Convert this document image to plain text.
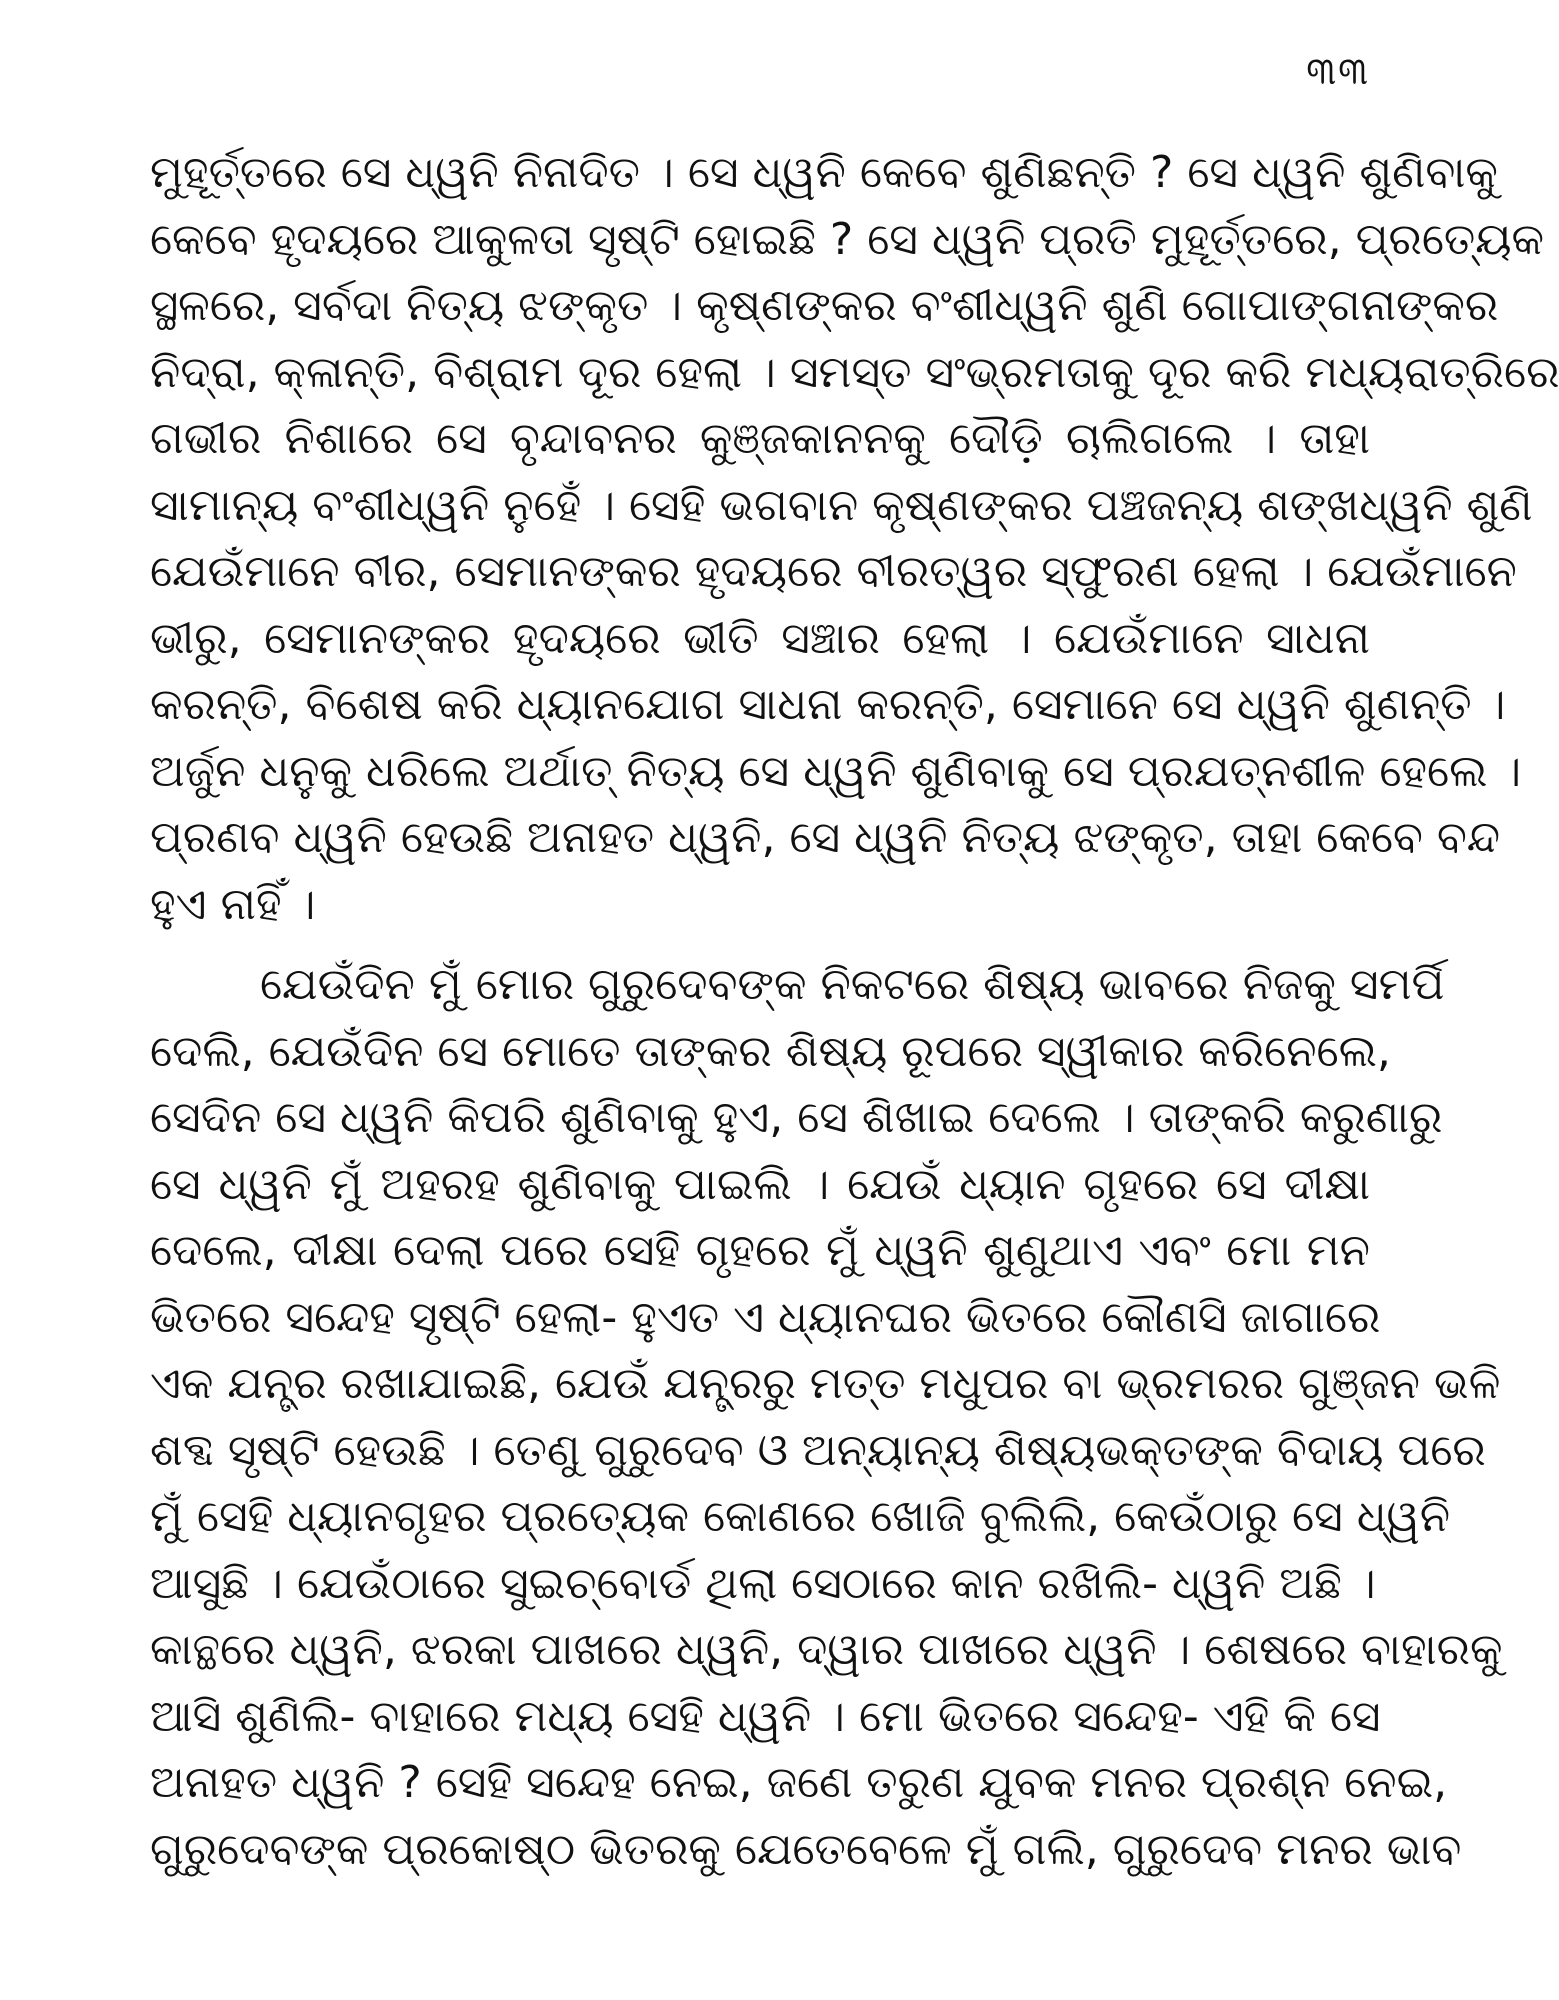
୩୩
ମୁହୂର୍ତ୍ତରେ ସେ ଧ୍ୱନି ନିନାଦିତ । ସେ ଧ୍ୱନି କେବେ ଶୁଣିଛନ୍ତି ? ସେ ଧ୍ୱନି ଶୁଣିବାକୁ
କେବେ ହୃଦୟରେ ଆକୁଳତା ସୃଷ୍ଟି ହୋଇଛି ? ସେ ଧ୍ୱନି ପ୍ରତି ମୁହୂର୍ତ୍ତରେ, ପ୍ରତ୍ୟେକ
ସ୍ଥଳରେ, ସର୍ବଦା ନିତ୍ୟ ଝଙ୍କୃତ । କୃଷ୍ଣଙ୍କର ବଂଶୀଧ୍ୱନି ଶୁଣି ଗୋପାଙ୍ଗନାଙ୍କର
ନିଦ୍ରା, କ୍ଳାନ୍ତି, ବିଶ୍ରାମ ଦୂର ହେଲା । ସମସ୍ତ ସଂଭ୍ରମତାକୁ ଦୂର କରି ମଧ୍ୟରାତ୍ରିରେ
ଗଭୀର ନିଶାରେ ସେ ବୃନ୍ଦାବନର କୁଞ୍ଜକାନନକୁ ଦୌଡ଼ି ଚାଲିଗଲେ । ତାହା
ସାମାନ୍ୟ ବଂଶୀଧ୍ୱନି ନୁହେଁ । ସେହି ଭଗବାନ କୃଷ୍ଣଙ୍କର ପଞ୍ଚଜନ୍ୟ ଶଙ୍ଖଧ୍ୱନି ଶୁଣି
ଯେଉଁମାନେ ବୀର, ସେମାନଙ୍କର ହୃଦୟରେ ବୀରତ୍ୱର ସ୍ଫୁରଣ ହେଲା । ଯେଉଁମାନେ
ଭୀରୁ, ସେମାନଙ୍କର ହୃଦୟରେ ଭୀତି ସଞ୍ଚାର ହେଲା । ଯେଉଁମାନେ ସାଧନା
କରନ୍ତି, ବିଶେଷ କରି ଧ୍ୟାନଯୋଗ ସାଧନା କରନ୍ତି, ସେମାନେ ସେ ଧ୍ୱନି ଶୁଣନ୍ତି ।
ଅର୍ଜୁନ ଧନୁକୁ ଧରିଲେ ଅର୍ଥାତ୍ ନିତ୍ୟ ସେ ଧ୍ୱନି ଶୁଣିବାକୁ ସେ ପ୍ରଯତ୍ନଶୀଳ ହେଲେ ।
ପ୍ରଣବ ଧ୍ୱନି ହେଉଛି ଅନାହତ ଧ୍ୱନି, ସେ ଧ୍ୱନି ନିତ୍ୟ ଝଙ୍କୃତ, ତାହା କେବେ ବନ୍ଦ
ହୁଏ ନାହିଁ ।
ଯେଉଁଦିନ ମୁଁ ମୋର ଗୁରୁଦେବଙ୍କ ନିକଟରେ ଶିଷ୍ୟ ଭାବରେ ନିଜକୁ ସମର୍ପି
ଦେଲି, ଯେଉଁଦିନ ସେ ମୋତେ ତାଙ୍କର ଶିଷ୍ୟ ରୂପରେ ସ୍ୱୀକାର କରିନେଲେ,
ସେଦିନ ସେ ଧ୍ୱନି କିପରି ଶୁଣିବାକୁ ହୁଏ, ସେ ଶିଖାଇ ଦେଲେ । ତାଙ୍କରି କରୁଣାରୁ
ସେ ଧ୍ୱନି ମୁଁ ଅହରହ ଶୁଣିବାକୁ ପାଇଲି । ଯେଉଁ ଧ୍ୟାନ ଗୃହରେ ସେ ଦୀକ୍ଷା
ଦେଲେ, ଦୀକ୍ଷା ଦେଲା ପରେ ସେହି ଗୃହରେ ମୁଁ ଧ୍ୱନି ଶୁଣୁଥାଏ ଏବଂ ମୋ ମନ
ଭିତରେ ସନ୍ଦେହ ସୃଷ୍ଟି ହେଲା- ହୁଏତ ଏ ଧ୍ୟାନଘର ଭିତରେ କୌଣସି ଜାଗାରେ
ଏକ ଯନ୍ତ୍ର ରଖାଯାଇଛି, ଯେଉଁ ଯନ୍ତ୍ରରୁ ମତ୍ତ ମଧୁପର ବା ଭ୍ରମରର ଗୁଞ୍ଜନ ଭଳି
ଶବ୍ଦ ସୃଷ୍ଟି ହେଉଛି । ତେଣୁ ଗୁରୁଦେବ ଓ ଅନ୍ୟାନ୍ୟ ଶିଷ୍ୟଭକ୍ତଙ୍କ ବିଦାୟ ପରେ
ମୁଁ ସେହି ଧ୍ୟାନଗୃହର ପ୍ରତ୍ୟେକ କୋଣରେ ଖୋଜି ବୁଲିଲି, କେଉଁଠାରୁ ସେ ଧ୍ୱନି
ଆସୁଛି । ଯେଉଁଠାରେ ସୁଇଚ୍‌ବୋର୍ଡ ଥିଲା ସେଠାରେ କାନ ରଖିଲି- ଧ୍ୱନି ଅଛି ।
କାନ୍ଥରେ ଧ୍ୱନି, ଝରକା ପାଖରେ ଧ୍ୱନି, ଦ୍ୱାର ପାଖରେ ଧ୍ୱନି । ଶେଷରେ ବାହାରକୁ
ଆସି ଶୁଣିଲି- ବାହାରେ ମଧ୍ୟ ସେହି ଧ୍ୱନି । ମୋ ଭିତରେ ସନ୍ଦେହ- ଏହି କି ସେ
ଅନାହତ ଧ୍ୱନି ? ସେହି ସନ୍ଦେହ ନେଇ, ଜଣେ ତରୁଣ ଯୁବକ ମନର ପ୍ରଶ୍ନ ନେଇ,
ଗୁରୁଦେବଙ୍କ ପ୍ରକୋଷ୍ଠ ଭିତରକୁ ଯେତେବେଳେ ମୁଁ ଗଲି, ଗୁରୁଦେବ ମନର ଭାବ
